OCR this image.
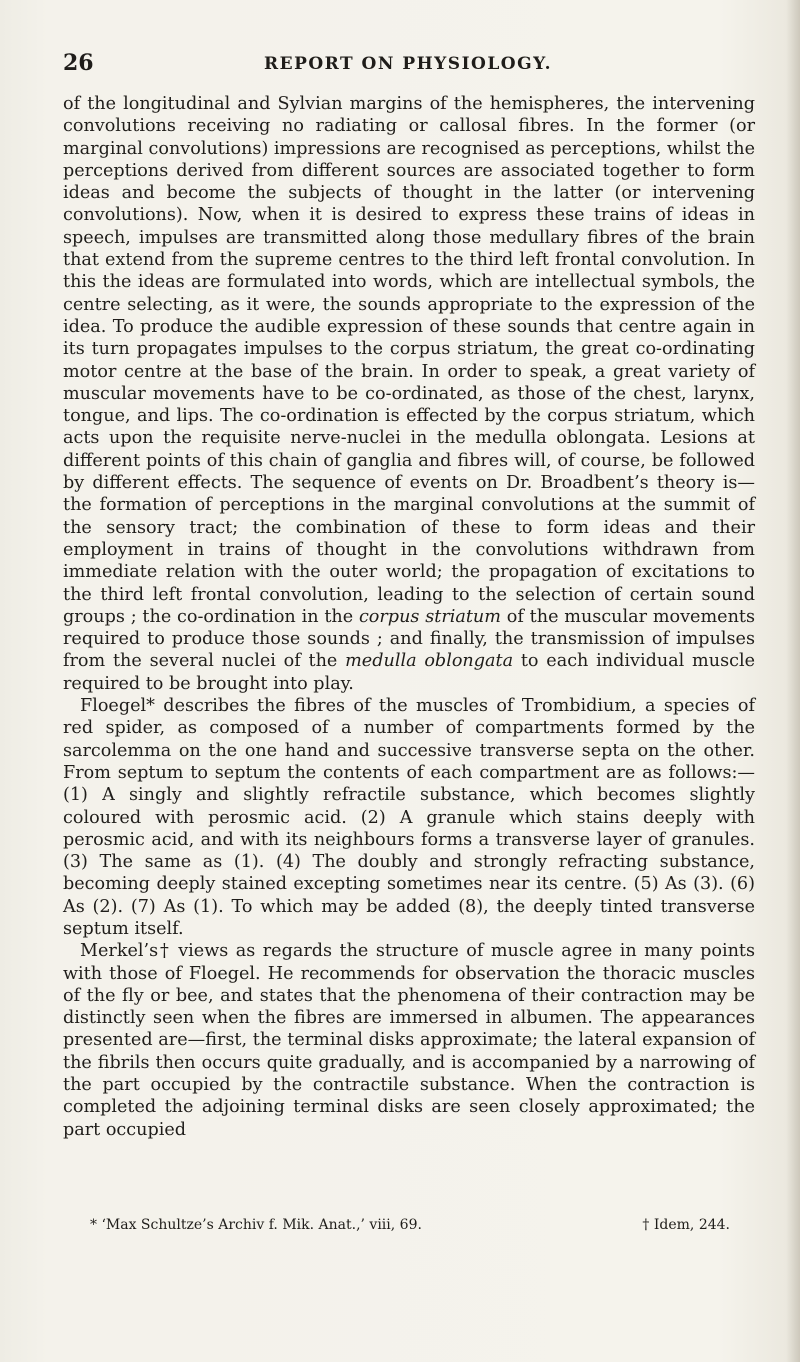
26	REPORT ON PHYSIOLOGY.

of the longitudinal and Sylvian margins of the hemispheres, the intervening convolutions receiving no radiating or callosal fibres. In the former (or marginal convolutions) impressions are recognised as perceptions, whilst the perceptions derived from different sources are associated together to form ideas and become the subjects of thought in the latter (or intervening convolutions). Now, when it is desired to express these trains of ideas in speech, impulses are transmitted along those medullary fibres of the brain that extend from the supreme centres to the third left frontal convolution. In this the ideas are formulated into words, which are intellectual symbols, the centre selecting, as it were, the sounds appropriate to the expression of the idea. To produce the audible expression of these sounds that centre again in its turn propagates impulses to the corpus striatum, the great co-ordinating motor centre at the base of the brain. In order to speak, a great variety of muscular movements have to be co-ordinated, as those of the chest, larynx, tongue, and lips. The co-ordination is effected by the corpus striatum, which acts upon the requisite nerve-nuclei in the medulla oblongata. Lesions at different points of this chain of ganglia and fibres will, of course, be followed by different effects. The sequence of events on Dr. Broadbent’s theory is—the formation of perceptions in the marginal convolutions at the summit of the sensory tract; the combination of these to form ideas and their employment in trains of thought in the convolutions withdrawn from immediate relation with the outer world; the propagation of excitations to the third left frontal convolution, leading to the selection of certain sound groups ; the co-ordination in the corpus striatum of the muscular movements required to produce those sounds ; and finally, the transmission of impulses from the several nuclei of the medulla oblongata to each individual muscle required to be brought into play.

Floegel* describes the fibres of the muscles of Trombidium, a species of red spider, as composed of a number of compartments formed by the sarcolemma on the one hand and successive transverse septa on the other. From septum to septum the contents of each compartment are as follows:—(1) A singly and slightly refractile substance, which becomes slightly coloured with perosmic acid. (2) A granule which stains deeply with perosmic acid, and with its neighbours forms a transverse layer of granules. (3) The same as (1). (4) The doubly and strongly refracting substance, becoming deeply stained excepting sometimes near its centre. (5) As (3). (6) As (2). (7) As (1). To which may be added (8), the deeply tinted transverse septum itself.

Merkel’s† views as regards the structure of muscle agree in many points with those of Floegel. He recommends for observation the thoracic muscles of the fly or bee, and states that the phenomena of their contraction may be distinctly seen when the fibres are immersed in albumen. The appearances presented are—first, the terminal disks approximate; the lateral expansion of the fibrils then occurs quite gradually, and is accompanied by a narrowing of the part occupied by the contractile substance. When the contraction is completed the adjoining terminal disks are seen closely approximated; the part occupied

* ‘Max Schultze’s Archiv f. Mik. Anat.,’ viii, 69.	† Idem, 244.
